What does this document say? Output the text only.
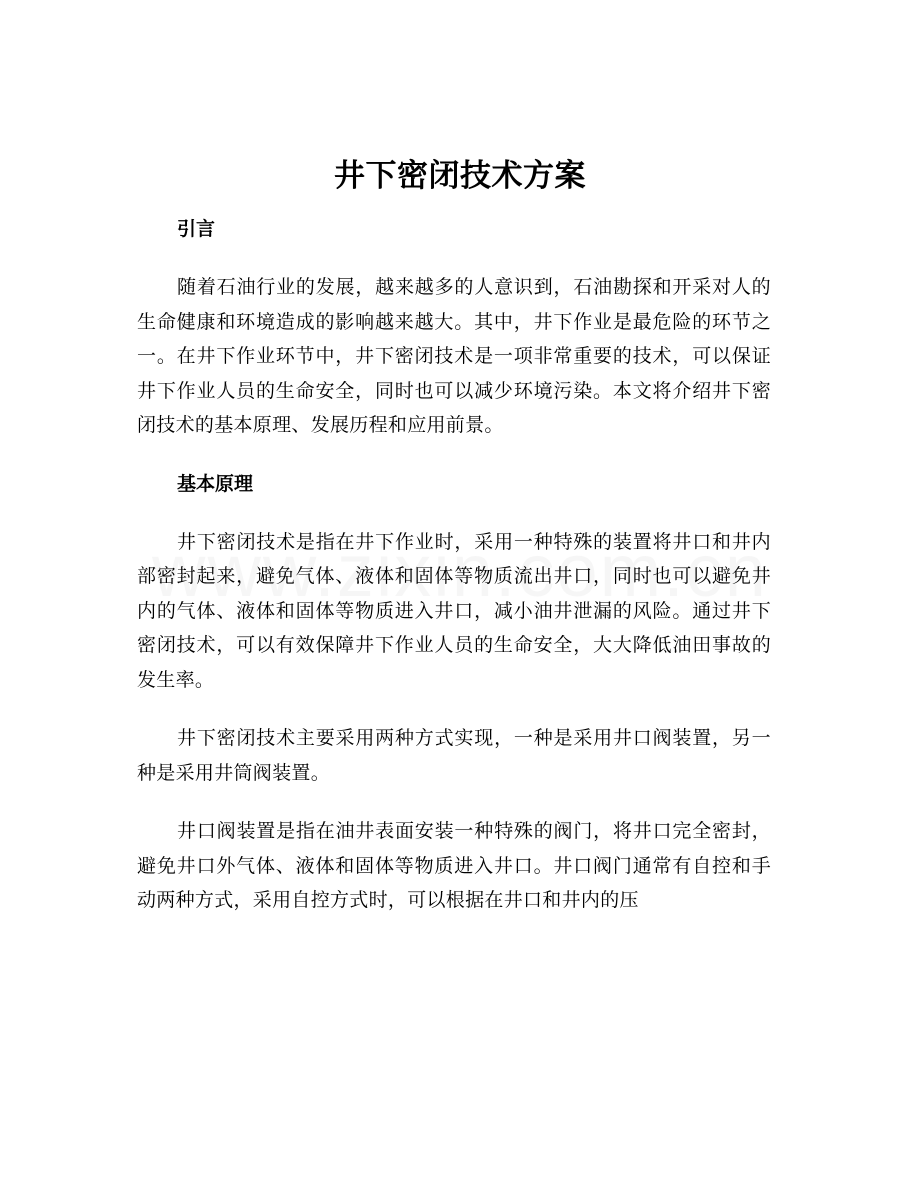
井下密闭技术方案
引言

随着石油行业的发展，越来越多的人意识到，石油勘探和开采对人的生命健康和环境造成的影响越来越大。其中，井下作业是最危险的环节之一。在井下作业环节中，井下密闭技术是一项非常重要的技术，可以保证井下作业人员的生命安全，同时也可以减少环境污染。本文将介绍井下密闭技术的基本原理、发展历程和应用前景。

基本原理

井下密闭技术是指在井下作业时，采用一种特殊的装置将井口和井内部密封起来，避免气体、液体和固体等物质流出井口，同时也可以避免井内的气体、液体和固体等物质进入井口，减小油井泄漏的风险。通过井下密闭技术，可以有效保障井下作业人员的生命安全，大大降低油田事故的发生率。

井下密闭技术主要采用两种方式实现，一种是采用井口阀装置，另一种是采用井筒阀装置。

井口阀装置是指在油井表面安装一种特殊的阀门，将井口完全密封，避免井口外气体、液体和固体等物质进入井口。井口阀门通常有自控和手动两种方式，采用自控方式时，可以根据在井口和井内的压
